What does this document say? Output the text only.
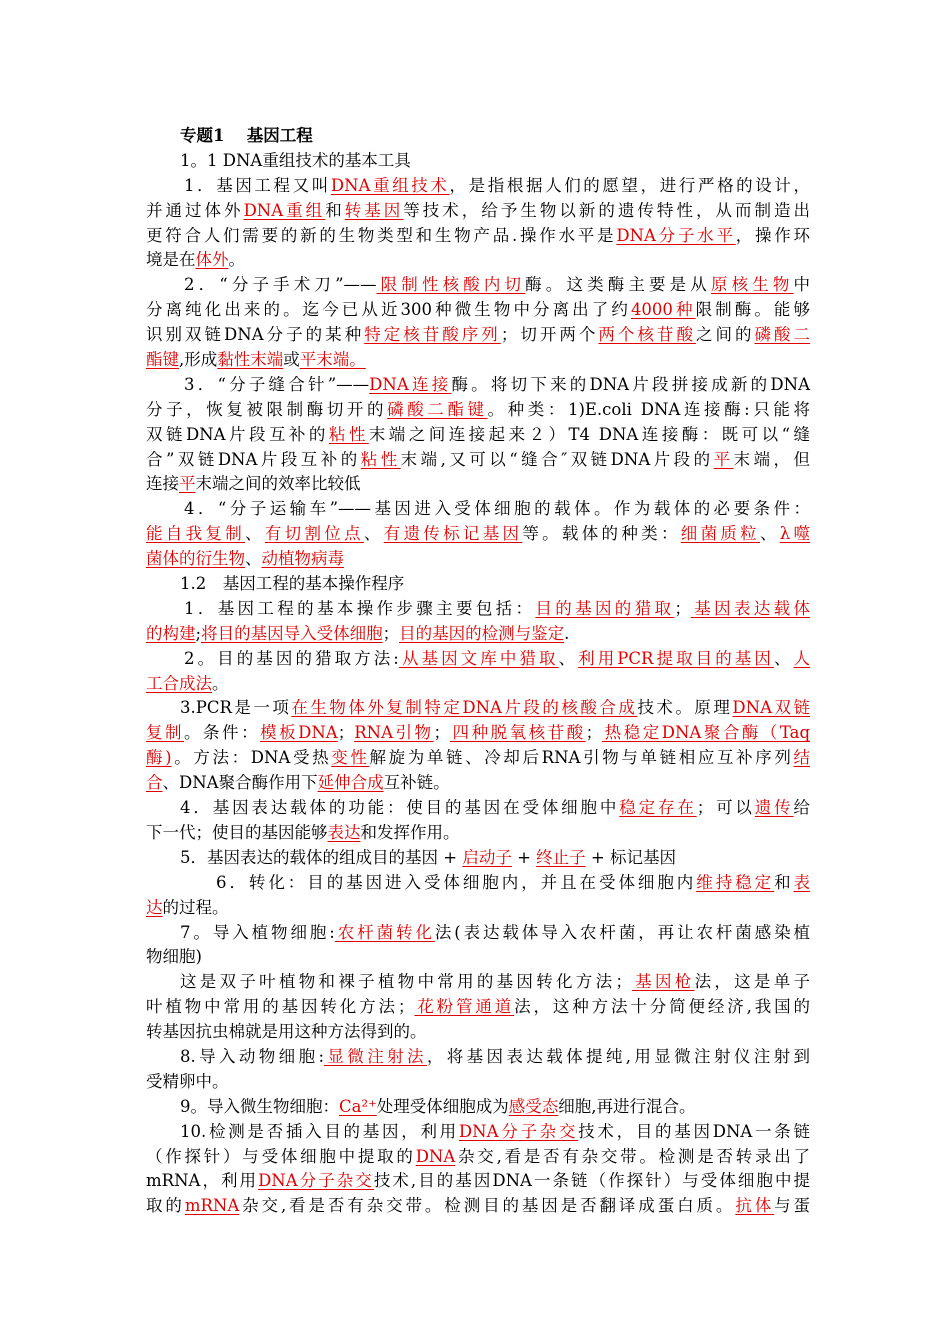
专题1　 基因工程
1。1 DNA重组技术的基本工具
1．基因工程又叫DNA重组技术，是指根据人们的愿望，进行严格的设计，
并通过体外DNA重组和转基因等技术，给予生物以新的遗传特性，从而制造出
更符合人们需要的新的生物类型和生物产品.操作水平是DNA分子水平，操作环
境是在体外。
2．“分子手术刀”——限制性核酸内切酶。这类酶主要是从原核生物中
分离纯化出来的。迄今已从近300种微生物中分离出了约4000种限制酶。能够
识别双链DNA分子的某种特定核苷酸序列；切开两个两个核苷酸之间的磷酸二
酯键,形成黏性末端或平末端。
3．“分子缝合针”——DNA连接酶。将切下来的DNA片段拼接成新的DNA
分子，恢复被限制酶切开的磷酸二酯键。种类：1)E.coli DNA连接酶:只能将
双链DNA片段互补的粘性末端之间连接起来２）T4 DNA连接酶：既可以“缝
合”双链DNA片段互补的粘性末端,又可以“缝合″双链DNA片段的平末端，但
连接平末端之间的效率比较低
4．“分子运输车”——基因进入受体细胞的载体。作为载体的必要条件：
能自我复制、有切割位点、有遗传标记基因等。载体的种类：细菌质粒、λ噬
菌体的衍生物、动植物病毒
1.2　基因工程的基本操作程序
1．基因工程的基本操作步骤主要包括：目的基因的猎取；基因表达载体
的构建;将目的基因导入受体细胞；目的基因的检测与鉴定.
2。目的基因的猎取方法:从基因文库中猎取、利用PCR提取目的基因、人
工合成法。
3.PCR是一项在生物体外复制特定DNA片段的核酸合成技术。原理DNA双链
复制。条件：模板DNA；RNA引物；四种脱氧核苷酸；热稳定DNA聚合酶（Taq
酶)。方法：DNA受热变性解旋为单链、冷却后RNA引物与单链相应互补序列结
合、DNA聚合酶作用下延伸合成互补链。
4．基因表达载体的功能：使目的基因在受体细胞中稳定存在；可以遗传给
下一代；使目的基因能够表达和发挥作用。
5．基因表达的载体的组成目的基因 + 启动子 + 终止子 + 标记基因
6．转化：目的基因进入受体细胞内，并且在受体细胞内维持稳定和表
达的过程。
7。导入植物细胞:农杆菌转化法(表达载体导入农杆菌，再让农杆菌感染植
物细胞)
这是双子叶植物和裸子植物中常用的基因转化方法；基因枪法，这是单子
叶植物中常用的基因转化方法；花粉管通道法，这种方法十分简便经济,我国的
转基因抗虫棉就是用这种方法得到的。
8.导入动物细胞:显微注射法，将基因表达载体提纯,用显微注射仪注射到
受精卵中。
9。导入微生物细胞：Ca²⁺处理受体细胞成为感受态细胞,再进行混合。
10.检测是否插入目的基因，利用DNA分子杂交技术，目的基因DNA一条链
（作探针）与受体细胞中提取的DNA杂交,看是否有杂交带。检测是否转录出了
mRNA，利用DNA分子杂交技术,目的基因DNA一条链（作探针）与受体细胞中提
取的mRNA杂交,看是否有杂交带。检测目的基因是否翻译成蛋白质。抗体与蛋
